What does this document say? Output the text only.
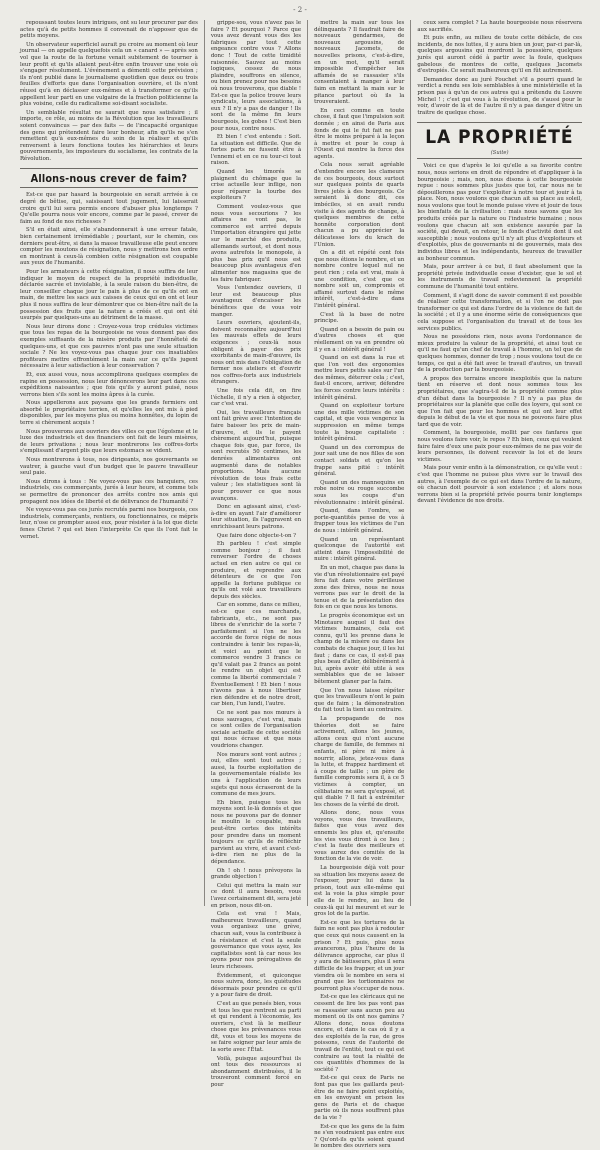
- 2 -

repoussant toutes leurs intrigues, ont su leur procurer par des actes qu'à de petits hommes il convenait de n'apposer que de petits moyens.

Un observateur superficiel aurait pu croire au moment où leur journal — on appelle quelquefois cela un « canard » — après son vol que la route de la fortune venait subitement de tourner à leur profit et qu'ils allaient peut-être enfin trouver une voie où s'engager résolument. L'événement a démenti cette prévision ; ils n'ont publié dans le journalisme quotidien que deux ou trois feuilles d'efforts que dans l'organisation ouvrière, et ils n'ont réussi qu'à en déclasser eux-mêmes et à transformer ce qu'ils appellent leur parti en une vulgaire de la fraction politicienne la plus voisine, celle du radicalisme soi-disant socialiste.

Un semblable résultat ne saurait que nous satisfaire ; il importe, ce rôle, au moins de la Révolution que les travailleurs soient convaincus — par des faits — de l'incapacité organique des gens qui prétendent faire leur bonheur, afin qu'ils ne s'en remettent qu'à eux-mêmes du soin de la réaliser et qu'ils renversent à leurs fonctions toutes les hiérarchies et leurs gouvernements, les imposteurs du socialisme, les contrats de la Révolution.

Allons-nous crever de faim?

Est-ce que par hasard la bourgeoisie en serait arrivée à ce degré de bêtise, qui, saisissant tout jugement, lui laisserait croire qu'il lui sera permis encore d'abuser plus longtemps ? Qu'elle pourra nous voir encore, comme par le passé, crever de faim au fond de nos richesses ?

S'il en était ainsi, elle s'abandonnerait à une erreur fatale, bien certainement irrémédiable ; pourtant, sur le chemin, ces derniers peut-être, si dans la masse travailleuse elle peut encore compter les moutons de résignation, nous y mettrons bon ordre en montrant à ceux-là combien cette résignation est coupable aux yeux de l'humanité.

Pour les armateurs à cette résignation, il nous suffira de leur indiquer le moyen de respect de la propriété individuelle, déclarée sacrée et inviolable, à la seule raison du bien-être, de leur conseiller chaque jour le pain à plus de ce qu'ils ont en main, de mettre les sacs aux caisses de ceux qui en ont et leur plus il nous suffira de leur démontrer que ce bien-être naît de la possession des fruits que la nature a créés et qui ont été usurpés par quelques-uns au détriment de la masse.

Nous leur dirons donc : Croyez-vous trop crédules victimes que tous les repas de la bourgeoisie ne vous donnent pas des exemples suffisants de la misère produits par l'honnêteté de quelques-uns, et que ces pauvres n'ont pas une seule situation sociale ? Ne les voyez-vous pas chaque jour ces insatiables profiteurs mettre effrontément la main sur ce qu'ils jugent nécessaire à leur satisfaction à leur conservation ?

Et, eux aussi vous, nous accomplirons quelques exemples de rapine en possession, nous leur dénoncerons leur part dans ces expéditions naissantes ; que fois qu'ils y auront puisé, nous verrons bien s'ils sont les moins âpres à la curée.

Nous appellerons aux paysans que les grands fermiers ont absorbé le propriétaire terrien, et qu'elles les ont mis à pied disponibles, par les moyens plus ou moins honnêtes, du lopin de terre si chèrement acquis !

Nous prouverons aux ouvriers des villes ce que l'égoïsme et le luxe des industriels et des financiers ont fait de leurs misères, de leurs privations ; nous leur montrerons les coffres-forts s'emplissant d'argent plis que leurs estomacs se vident.

Nous montrerons à tous, nos dirigeants, nos gouvernants se vautrer, à gauche vaut d'un budget que le pauvre travailleur seul paie.

Nous dirons à tous : Ne voyez-vous pas ces banquiers, ces industriels, ces commerçants, jurés à leur heure, et comme tels se permettre de prononcer des arrêts contre nos amis qui propagent nos idées de liberté et de délivrance de l'humanité ?

Ne voyez-vous pas ces jurés recrutés parmi nos bourgeois, ces industriels, commerçants, rentiers, ou fonctionnaires, ce mépris leur, n'ose ce prompter aussi eux, pour résister à la loi que dicte fenes Christ ? qui est bien l'interprète Ce que ils l'ont fait le vernet.

grippe-sou, vous n'avez pas le faire ? Et pourquoi ? Parce que vous avez devant vous des les fabriques par tout cette engeance contre vous ? Allons donc ! Tout de cette timidité raisonnée. Sauvez au moins logiques, cessez de nous plaindre, souffrons en silence, ou bien prenez pour nos besoins où nous trouverons, que diable ! Est-ce que la police trouve leurs syndicats, leurs associations, à eux ? Il n'y a pas de danger ! Ils sont de la même fin leurs bourgeois, les gobes ! C'est bien pour nous, contre nous.

Et bien ! c'est entendu : Soit. La situation est difficile. Que de fortes parts ne fussent être à l'ennemi et en ce nu tour-ci tout raison.

Quand les timorés se plaignent du chômage que la crise actuelle leur inflige, non pour réparer la tourbe des exploiteurs ?

Comment voulez-vous que nous vous secourions ? les affaires ne vont pas, le commerce est arrivé depuis l'importation étrangère qui jette sur le marché des produits, allemands surtout, et dont nous avons autrefois le monopole, à plus bas prix qu'il nous est beaucoup plus avantageux d'en alimenter nos magasins que de les faire fabriquer.

Vous l'entendez ouvriers, il leur est beaucoup plus avantageux d'encaisser les bénéfices que de vous voir manger.

Leurs ouvriers, ajoutent-ils, doivent reconnaître aujourd'hui les mauvais effets de leurs exigences ; ceux-là nous obligent à payer des prix exorbitants de main-d'œuvre, ils nous ont mis dans l'obligation de fermer nos ateliers et d'ouvrir nos coffres-forts aux industriels étrangers.

Une fois cela dit, on fire l'échelle, il n'y a rien à objecter, car c'est vrai.

Oui, les travailleurs français ont fait grève avec l'intention de faire baisser les prix de main-d'œuvre, et ils le payent chèrement aujourd'hui, puisque chaque fois que, par force, ils sont recrutés 50 centimes, les denrées alimentaires ont augmenté dans de notables proportions. Mais aucune révolution de tous frais cette valeur ; les statistiques sont là pour prouver ce que nous avançons.

Donc en agissant ainsi, c'est-à-dire en ayant l'air d'améliorer leur situation, ils l'aggravent en enrichissant leurs patrons.

Que faire donc objecte-t-on ?

Eh parbleu ! c'est simple comme bonjour ; il faut renverser l'ordre de choses actuel en rien autre ce qui ce produire, et reprendre aux détenteurs de ce que l'on appelle la fortune publique ce qu'ils ont volé aux travailleurs depuis des siècles.

Car en somme, dans ce milieu, est-ce que ces marchands, fabricants, etc., ne sont pas libres de s'enrichir de la sorte ? parfaitement si l'on ne les accorde de force régie de nous contraindre à tenir les repas-là, et voici au point que le commerce vendre 3 francs ce qu'il valait pas 2 francs au point le rendre un objet qui est comme la liberté commerciale ? Éventuellement ! Et bien ! nous n'avons pas à nous libertiser rien défendre et de notre droit, car bien, l'un lundi, l'autre.

Ce ne sont pas nos mœurs à nous sauvages, c'est vrai, mais ce sont celles de l'organisation sociale actuelle de cette société qui nous écrase et que nous voudrions changer.

Nos mœurs sont vont autres ; oui, elles sont tout autres ; aussi, la fourbe exploitation de la gouvernementale réaliste les uns à l'application de leurs sujets qui nous écraseront de la commune de mes jours.

Eh bien, puisque tous les moyens sont le-là donnés et que nous ne pouvons par de donner le moulin le coupable, mais peut-être certes des intérêts pour prendre dans un moment toujours ce qu'ils de réfléchir parvient au vivre, et avant c'est-à-dire rien ne plus de la dépendance.

Oh ! oh ! nous prévoyons la grande objection !

Celui qui mettra la main sur ce dont il aura besoin, vous l'avez certainement dit, sera jeté en prison, nous dit-on.

Cela est vrai ! Mais, malheureux travailleurs, quand vous organisez une grève, chacun sait, vous la contribuez à la résistance et c'est la seule gouvernance que vous ayez, les capitalistes sont là car nous les ayons pour nos prérogatives de leurs richesses.

Évidemment, et quiconque nous suivra, donc, les quiétudes désormais pour prendre ce qu'il y a pour faire de droit.

C'est au que pensés bien, vous et tous les que rentrent au parti et qui rendent à l'économie, les ouvriers, c'est là le meilleur chose que les prévenances vous dit, vous et tous les moyens de se faire soigner par leur amis de la sorte avec l'État.

Voilà, puisque aujourd'hui ils ont tous des ressources si abondamment distribuées, il le trouveront comment forcé en pour

mettre la main sur tous les délinquants ? Il faudrait faire de nouveaux gendarmes, de nouveaux argousins, de nouveaux Jacomets, de nouvelles prisons, c'est-à-dire, en un mot, qu'il serait impossible d'empêcher les affamés de se rassasier s'ils consentaient à manger à leur faim en mettant la main sur le pitance partout où ils la trouveraient.

En ceci comme en toute chose, il faut que l'impulsion soit donnée ; en ainsi de Paris aux fonds de qui le fut fait ne pas être le moins préparé à la leçon à mettre et pour le coup à l'Ouest qui montre la force des agents.

Cela nous serait agréable d'entendre encore les clameurs de ces bourgeois, doux surtout sur quelques points de quarts livres jetés à des bourgeois. Ce seraient là donc dit, ces imbéciles, si en avait rendu visite à des agents de change, à quelques membres de cette honnête corporation dont chacun a pu apprécier la délicatesse lors du krach de l'Union.

On a dit et répété cent fois que nous étions le nombre, et un nombre contre lequel nul ne peut rien ; cela est vrai, mais à une condition, c'est que ce nombre soit un, compromis et affamé surtout dans le même intérêt, c'est-à-dire dans l'intérêt général.

C'est là la base de notre principe.

Quand on a besoin de pain ou d'autres choses et que réellement on va en prendre où il y en a : intérêt général !

Quand on est dans la rue et que l'on voit des ergonomies mettre leurs petits sales sur l'un des mêmes, déterrer cela ; c'est, faut-il encore, arriver, défendre les forces contre leurs intérêts : intérêt général.

Quand on exploiteur torture une des mille victimes de son capital, et que vous vengerez la suppression en même temps toute la bouge capitaliste : intérêt général.

Quand un des corrompus de jour sait une de nos filles de son contact soldats et qu'on les frappe sans pitié : intérêt général.

Quand un des mannequins en robe noire ou rouge succombe sous les coups d'un révolutionnaire : intérêt général.

Quand, dans l'ombre, se porte-quantités pense de vos à frapper tous les victimes de l'un de nous : intérêt général.

Quand un représentant quelconque de l'autorité est atteint dans l'impossibilité de nuire : intérêt général.

En un mot, chaque pas dans la vie d'un révolutionnaire est payé fera fait dans votre périlleuse zone des frères, nous ne nous verrons pas sur le droit de la tenue et de la présentation des fois en ce que nous les tenons.

Le progrès économique est un Minotaure auquel il faut des victimes humaines, cela est connu, qu'il les prenne dans le champ de la misère ou dans les combats de chaque jour, il les lui faut ; dans ce cas, il est-il pas plus beau d'aller, délibérément à lui, après avoir été utile à ses semblables que de se laisser bêtement glaner par la faim.

Que l'on nous laisse répéter que les travailleurs n'ont le pain que de faim ; la démonstration du fait tout la tient au contraire.

La propagande de nos théories doit se faire activement, allons les jeunes, allons ceux qui n'ont aucune charge de famille, de femmes ni enfants, ni père ni mère à nourrir, allons, jetez-vous dans la lutte, et frappez hardiment et à coups de taille ; un père de famille compromis sera il, à ce 5 victimes à compter, un célibataire ne sera qu'exposé, et qui diable ? Il fait à extrémiter les choses de la vérité de droit.

Allons donc, nous vous voyons, vous des travailleurs, faites que vous avez des ennemis les plus et, qu'ensuite les vies vous diront à ce lieu ; c'est la faute des meilleurs et vous aurez des comités de la fonction de la vie de voir.

La bourgeoisie déjà voit pour sa situation les moyens assez de l'exposer, pour lui dans la prison, tout aux elle-même qui est la voie la plus simple pour elle de le rendre, au lieu de ceux-là qui lui meurent et sur le gros lot de la partie.

Est-ce que les tortures de la faim ne sont pas plus à redouter que ceux qui nous causent en la prison ? Et puis, plus nous avancerons, plus l'heure de la délivrance approche, car plus il y aura de bâtisseurs, plus il sera difficile de les frapper, et un jour viendra où le nombre en sera si grand que les tortionnaires ne pourront plus s'occuper de nous.

Est-ce que les cléricaux qui ne cessent de lire les pas vont pas se rassasier sans aucun peu au moment où ils ont nos gamins ? Allons donc, nous doutons encore, et dans le cas où il y a des exploités de la rue, de gros poissons, ceux de l'autorité de travail de l'entité, tout ce qui est contraire au tout la réalité de ces quantités d'hommes de la société ?

Est-ce qui ceux de Paris ne font pas que les gaillards peut-être de ne faire point exploités, en les envoyant en prison les gens de Paris et de chaque partie où ils nous souffrent plus de la vie ?

Est-ce que les gens de la faim ne s'en voudraient pas entre eux ? Qu'ont-ils qu'ils soient quand le nombre des ouvriers sera

ceux sera complet ? La haute bourgeoisie nous réservera aux sacrifiés.

Et puis enfin, au milieu de toute cette débâcle, de ces incidents, de nos luttes, il y aura bien un jour, par-ci par-là, quelques argousins qui mordront la poussière, quelques jurés qui auront cédé à partir avec la foule, quelques gabelous de montres de cette, quelques Jacomets d'estropiés. Ce serait malheureux qu'il en fût autrement.

Demandez donc au juré Fouchet s'il a pourri quand le verdict a rendu ses lois semblables à une ministérielle et la prison pas à qu'un de ces autres qui a prétendu du Louvre Michel ! ; c'est qui vous à la révolution, de s'aussi pour le voir, d'avoir de là et de l'autre il n'y a pas danger d'être un traitre de quelque chose.

LA PROPRIÉTÉ
(Suite)

Voici ce que d'après le loi qu'elle a sa favorite contre nous, nous serions en droit de répondre et d'appliquer à la bourgeoisie ; mais, non, nous disons à cette bourgeoisie repue : nous sommes plus justes que toi, car nous ne te dépouillerons pas pour t'exploiter à notre tour et jouir à ta place. Non, nous voulons que chacun ait sa place au soleil, nous voulons que tout le monde puisse vivre et jouir de tous les bienfaits de la civilisation : mais nous savons que les produits créés par la nature ou l'industrie humaine ; nous voulons que chacun ait son existence assurée par la société, qui devait, en retour, le fonds d'activité dont il est susceptible ; nous voulons qu'il n'y ait plus d'exploiteurs et d'exploités, plus de gouvernants ni de gouvernés, mais des individus libres et les indépendants, heureux de travailler au bonheur commun.

Mais, pour arriver à ce but, il faut absolument que la propriété privée individuelle cesse d'exister, que le sol et les instruments de travail redeviennent la propriété commune de l'humanité tout entière.

Comment, il s'agit donc de savoir comment il est possible de réaliser cette transformation, et si l'on ne doit pas transformer ce qui est dans l'ordre de la violence de fait de la société ; et il y a une énorme série de conséquences que cela suppose et l'organisation du travail et de tous les services publics.

Nous ne possédons rien, nous avons l'ordonnance de mieux produire la valeur de la propriété, et ainsi tout ce qu'il ne faut qu'un chef de travail à l'homme, un tel que de quelques hommes, donner de trop ; nous voulons tout de ce temps, ce qui a été fait avec le travail d'autres, un travail de la production par la bourgeoisie.

A propos des terrains encore inexploités que la nature tient en réserve et dont nous sommes tous les propriétaires, que s'agira-t-il de la propriété comme plus d'un débat dans la bourgeoisie ? Il n'y a pas plus de propriétaires sur la planète que celle des loyers, qui sont ce que l'on fait que pour les hommes et qui ont leur effet depuis le début de la vie et que nous ne pouvons faire plus tard que de voir.

Comment, la bourgeoisie, mollit par ces fanfares que nous voulons faire voir, le repos ? Eh bien, ceux qui veulent faire faire d'eux une paix pour eux-mêmes de ne pas voir de leurs personnes, ils doivent recevoir la loi et de leurs victimes.

Mais pour venir enfin à la démonstration, ce qu'elle veut : c'est que l'homme ne puisse plus vivre sur le travail des autres, à l'exemple de ce qui est dans l'ordre de la nature, où chacun doit pourvoir à son existence ; et alors nous verrons bien si la propriété privée pourra tenir longtemps devant l'évidence de nos droits.
